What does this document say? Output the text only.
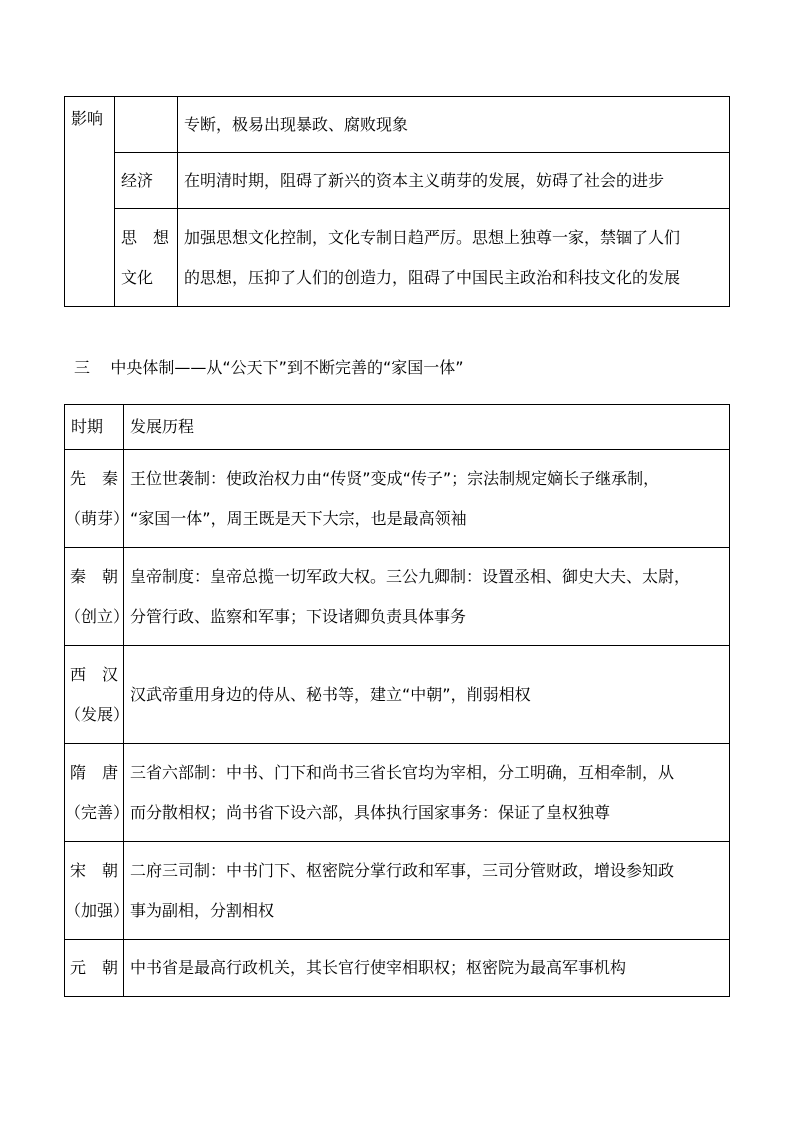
影响		专断，极易出现暴政、腐败现象

	经济	在明清时期，阻碍了新兴的资本主义萌芽的发展，妨碍了社会的进步

	思　想
文化	加强思想文化控制，文化专制日趋严厉。思想上独尊一家，禁锢了人们
的思想，压抑了人们的创造力，阻碍了中国民主政治和科技文化的发展
三 中央体制——从“公天下”到不断完善的“家国一体”
时期	发展历程

先　秦
（萌芽）	王位世袭制：使政治权力由“传贤”变成“传子”；宗法制规定嫡长子继承制，
“家国一体”，周王既是天下大宗，也是最高领袖

秦　朝
（创立）	皇帝制度：皇帝总揽一切军政大权。三公九卿制：设置丞相、御史大夫、太尉，
分管行政、监察和军事；下设诸卿负责具体事务

西　汉
（发展）	汉武帝重用身边的侍从、秘书等，建立“中朝”，削弱相权

隋　唐
（完善）	三省六部制：中书、门下和尚书三省长官均为宰相，分工明确，互相牵制，从
而分散相权；尚书省下设六部，具体执行国家事务：保证了皇权独尊

宋　朝
（加强）	二府三司制：中书门下、枢密院分掌行政和军事，三司分管财政，增设参知政
事为副相，分割相权

元　朝	中书省是最高行政机关，其长官行使宰相职权；枢密院为最高军事机构
